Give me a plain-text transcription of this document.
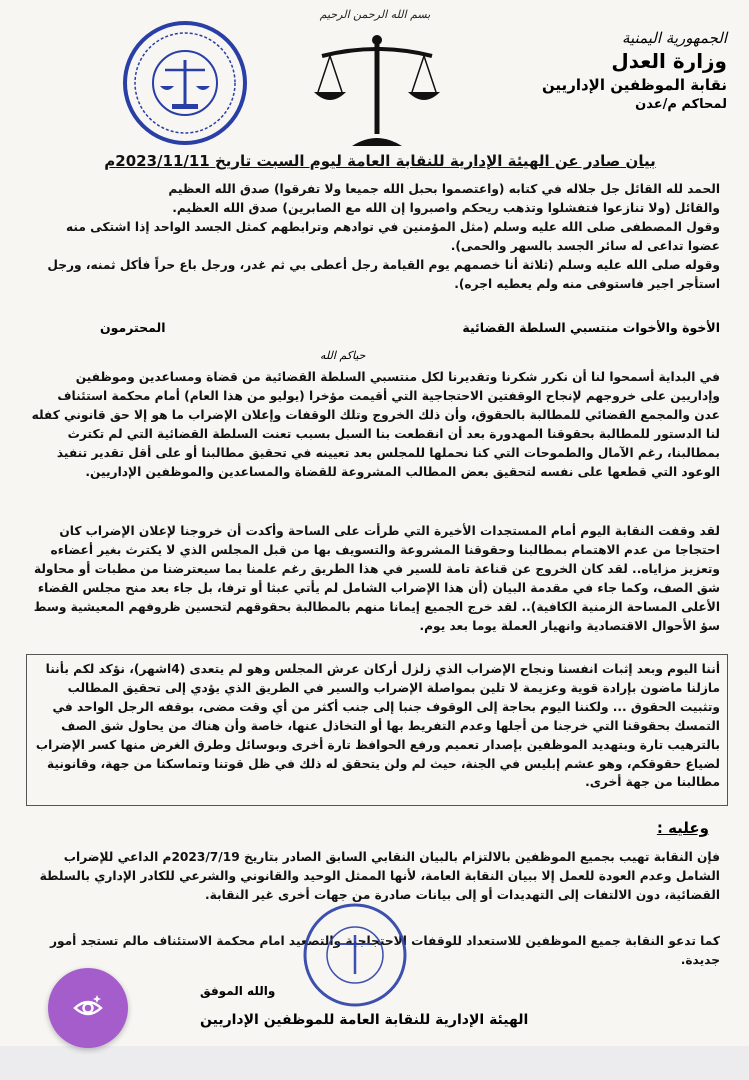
بسم الله الرحمن الرحيم
الجمهورية اليمنية
وزارة العدل
نقابة الموظفين الإداريين
لمحاكم م/عدن
بيان صادر عن الهيئة الإدارية للنقابة العامة ليوم السبت تاريخ 2023/11/11م

الحمد لله القائل جل جلاله في كتابه (واعتصموا بحبل الله جميعا ولا تفرقوا) صدق الله العظيم

والقائل (ولا تنازعوا فتفشلوا وتذهب ريحكم واصبروا إن الله مع الصابرين) صدق الله العظيم.

وقول المصطفى صلى الله عليه وسلم (مثل المؤمنين في توادهم وترابطهم كمثل الجسد الواحد إذا اشتكى منه عضوا تداعى له سائر الجسد بالسهر والحمى).

وقوله صلى الله عليه وسلم (ثلاثة أنا خصمهم يوم القيامة رجل أعطى بي ثم غدر، ورجل باع حراً فأكل ثمنه، ورجل استأجر اجير فاستوفى منه ولم يعطيه اجره).

الأخوة والأخوات منتسبي السلطة القضائية
المحترمون
حياكم الله

في البداية أسمحوا لنا أن نكرر شكرنا وتقديرنا لكل منتسبي السلطة القضائية من قضاة ومساعدين وموظفين وإداريين على خروجهم لإنجاح الوقفتين الاحتجاجية التي أقيمت مؤخرا (يوليو من هذا العام) أمام محكمة استئناف عدن والمجمع القضائي للمطالبة بالحقوق، وأن ذلك الخروج وتلك الوقفات وإعلان الإضراب ما هو إلا حق قانوني كفله لنا الدستور للمطالبة بحقوقنا المهدورة بعد أن انقطعت بنا السبل بسبب تعنت السلطة القضائية التي لم تكترث بمطالبنا، رغم الآمال والطموحات التي كنا نحملها للمجلس بعد تعيينه في تحقيق مطالبنا أو على أقل تقدير تنفيذ الوعود التي قطعها على نفسه لتحقيق بعض المطالب المشروعة للقضاة والمساعدين والموظفين الإداريين.

لقد وقفت النقابة اليوم أمام المستجدات الأخيرة التي طرأت على الساحة وأكدت أن خروجنا لإعلان الإضراب كان احتجاجا من عدم الاهتمام بمطالبنا وحقوقنا المشروعة والتسويف بها من قبل المجلس الذي لا يكترث بغير أعضاءه وتعزيز مزاياه.. لقد كان الخروج عن قناعة تامة للسير في هذا الطريق رغم علمنا بما سيعترضنا من مطبات أو محاولة شق الصف، وكما جاء في مقدمة البيان (أن هذا الإضراب الشامل لم يأتي عبثا أو ترفا، بل جاء بعد منح مجلس القضاء الأعلى المساحة الزمنية الكافية).. لقد خرج الجميع إيمانا منهم بالمطالبة بحقوقهم لتحسين ظروفهم المعيشية وسط سؤ الأحوال الاقتصادية وانهيار العملة يوما بعد يوم.

أننا اليوم وبعد إثبات انفسنا ونجاح الإضراب الذي زلزل أركان عرش المجلس وهو لم يتعدى (4اشهر)، نؤكد لكم بأننا مازلنا ماضون بإرادة قوية وعزيمة لا تلين بمواصلة الإضراب والسير في الطريق الذي يؤدي إلى تحقيق المطالب وتثبيت الحقوق ... ولكننا اليوم بحاجة إلى الوقوف جنبا إلى جنب أكثر من أي وقت مضى، بوقفه الرجل الواحد في التمسك بحقوقنا التي خرجنا من أجلها وعدم التفريط بها أو التخاذل عنها، خاصة وأن هناك من يحاول شق الصف بالترهيب تارة وبتهديد الموظفين بإصدار تعميم ورفع الحوافظ تارة أخرى وبوسائل وطرق الغرض منها كسر الإضراب لضياع حقوقكم، وهو عشم إبليس في الجنة، حيث لم ولن يتحقق له ذلك في ظل قوتنا وتماسكنا من جهة، وقانونية مطالبنا من جهة أخرى.

وعليه :

فإن النقابة تهيب بجميع الموظفين بالالتزام بالبيان النقابي السابق الصادر بتاريخ 2023/7/19م الداعي للإضراب الشامل وعدم العودة للعمل إلا ببيان النقابة العامة، لأنها الممثل الوحيد والقانوني والشرعي للكادر الإداري بالسلطة القضائية، دون الالتفات إلى التهديدات أو إلى بيانات صادرة من جهات أخرى غير النقابة.

كما تدعو النقابة جميع الموظفين للاستعداد للوقفات الاحتجاجية والتصعيد امام محكمة الاستئناف مالم تستجد أمور جديدة.

والله الموفق
الهيئة الإدارية للنقابة العامة للموظفين الإداريين
